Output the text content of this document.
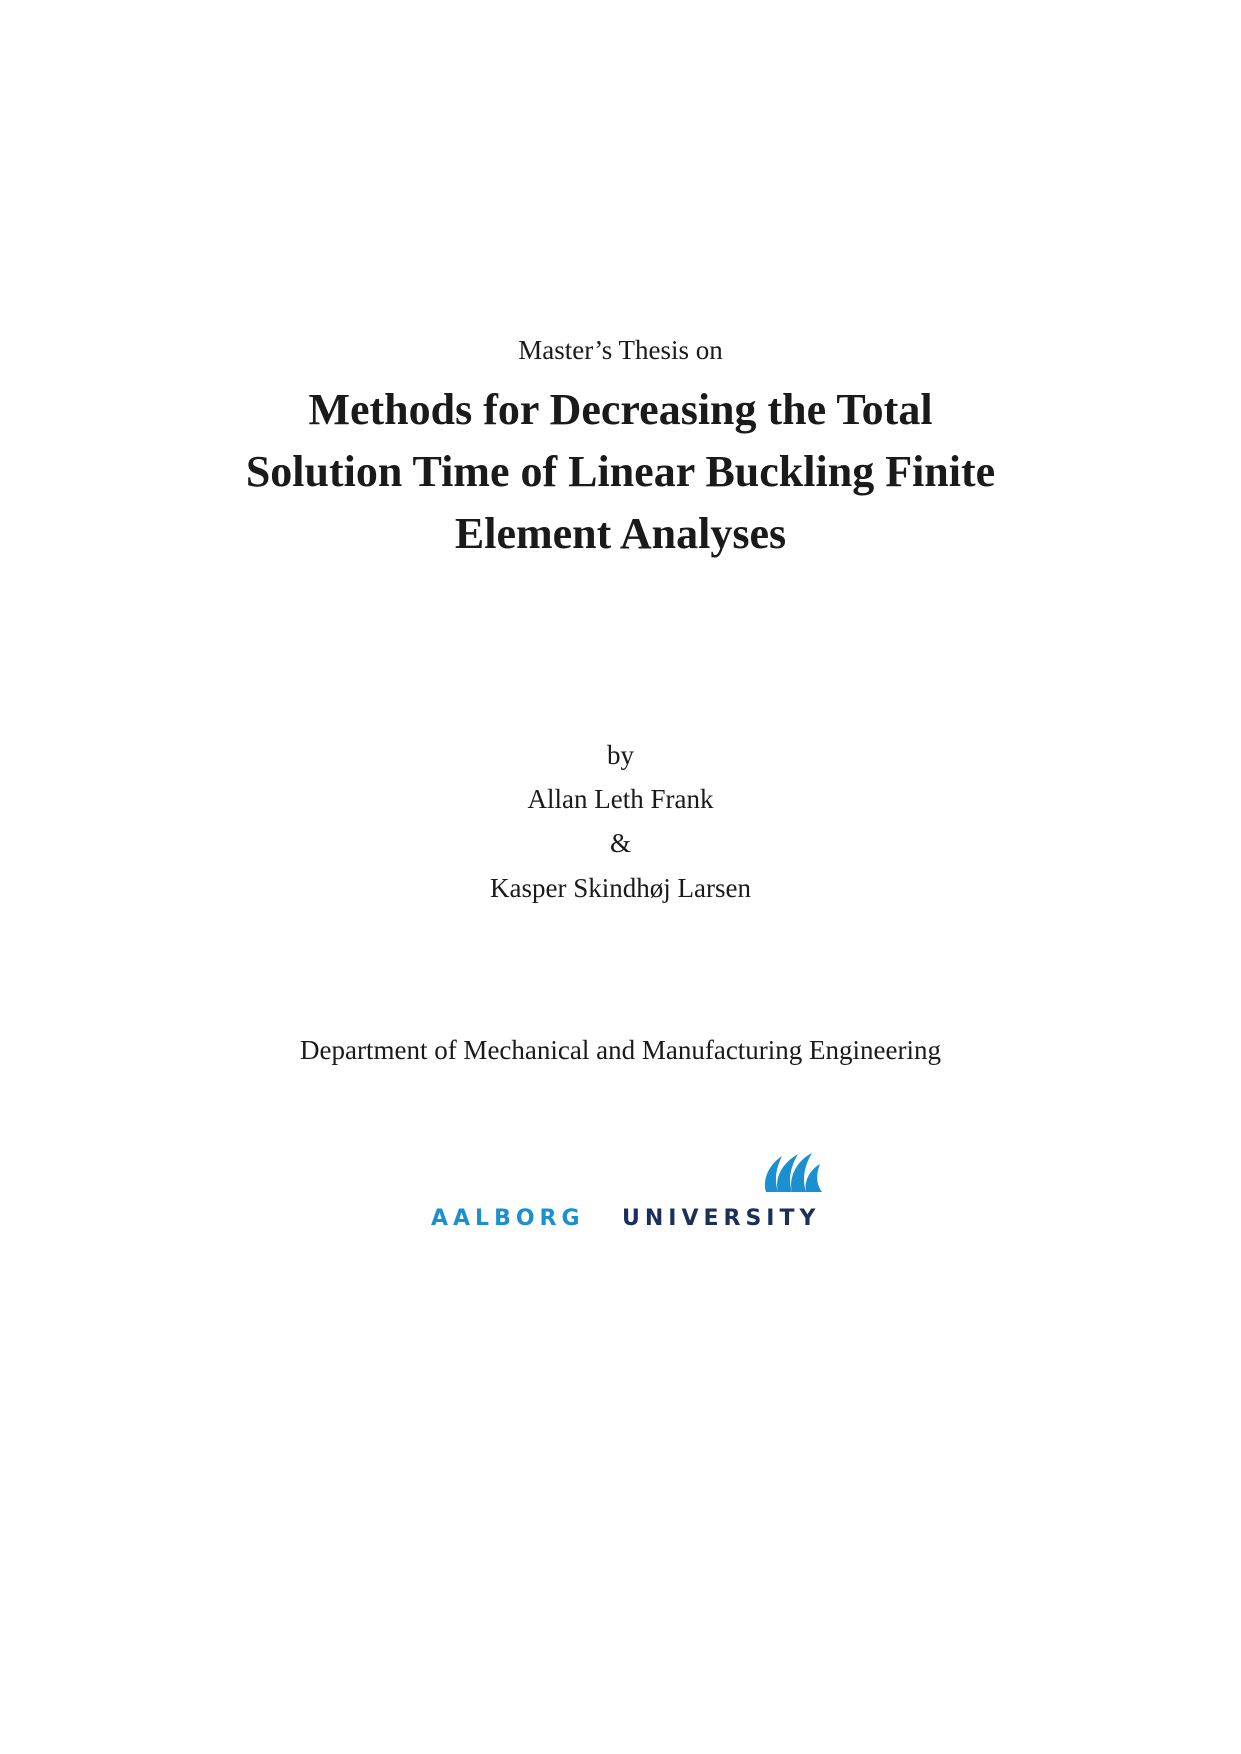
Master’s Thesis on
Methods for Decreasing the Total
Solution Time of Linear Buckling Finite
Element Analyses
by
Allan Leth Frank
&
Kasper Skindhøj Larsen
Department of Mechanical and Manufacturing Engineering
AALBORG UNIVERSITY
